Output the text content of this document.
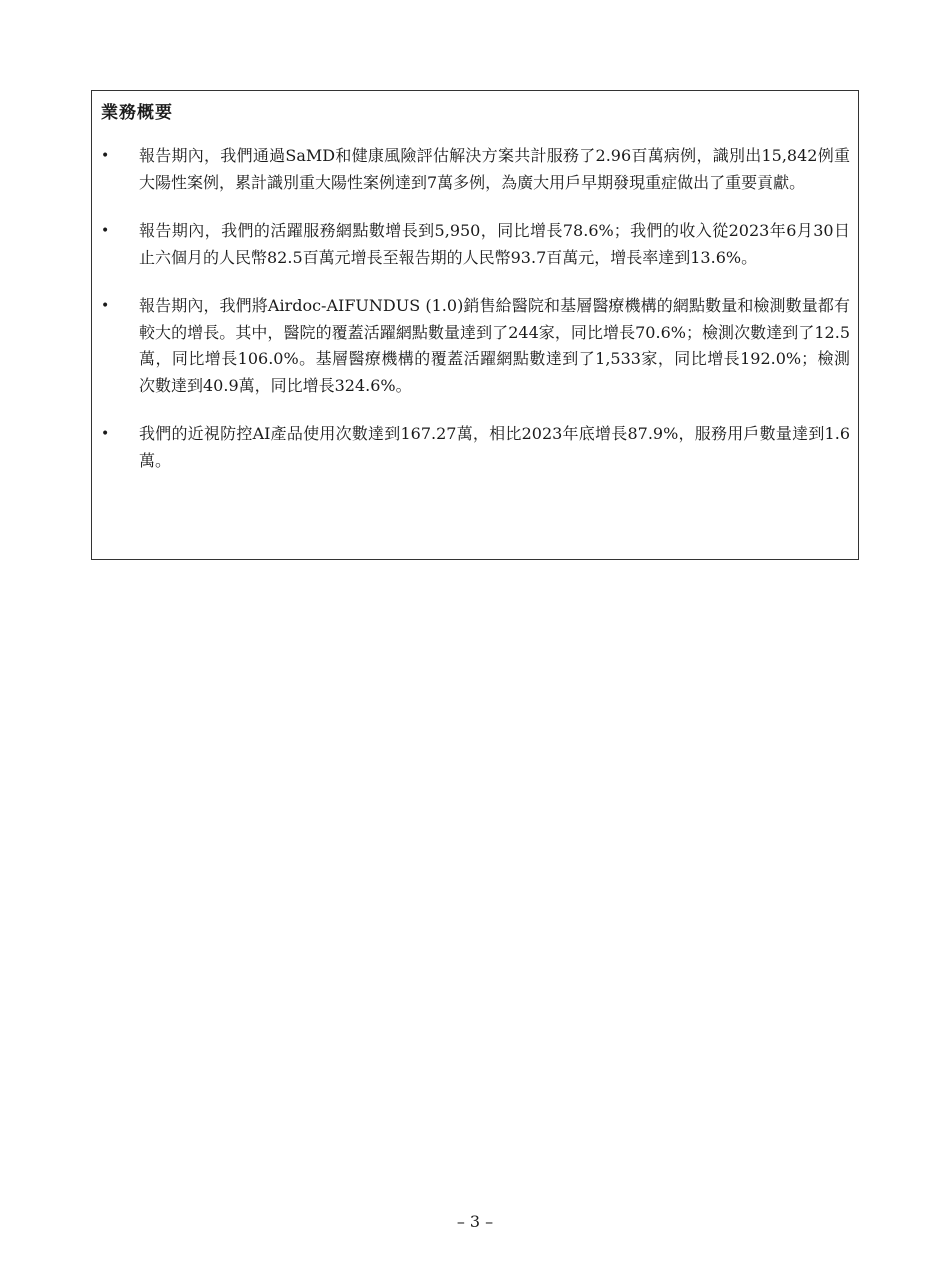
業務概要
• 報告期內，我們通過SaMD和健康風險評估解決方案共計服務了2.96百萬病例，識別出15,842例重大陽性案例，累計識別重大陽性案例達到7萬多例，為廣大用戶早期發現重症做出了重要貢獻。
• 報告期內，我們的活躍服務網點數增長到5,950，同比增長78.6%；我們的收入從2023年6月30日止六個月的人民幣82.5百萬元增長至報告期的人民幣93.7百萬元，增長率達到13.6%。
• 報告期內，我們將Airdoc-AIFUNDUS (1.0)銷售給醫院和基層醫療機構的網點數量和檢測數量都有較大的增長。其中，醫院的覆蓋活躍網點數量達到了244家，同比增長70.6%；檢測次數達到了12.5萬，同比增長106.0%。基層醫療機構的覆蓋活躍網點數達到了1,533家，同比增長192.0%；檢測次數達到40.9萬，同比增長324.6%。
• 我們的近視防控AI產品使用次數達到167.27萬，相比2023年底增長87.9%，服務用戶數量達到1.6萬。
– 3 –
